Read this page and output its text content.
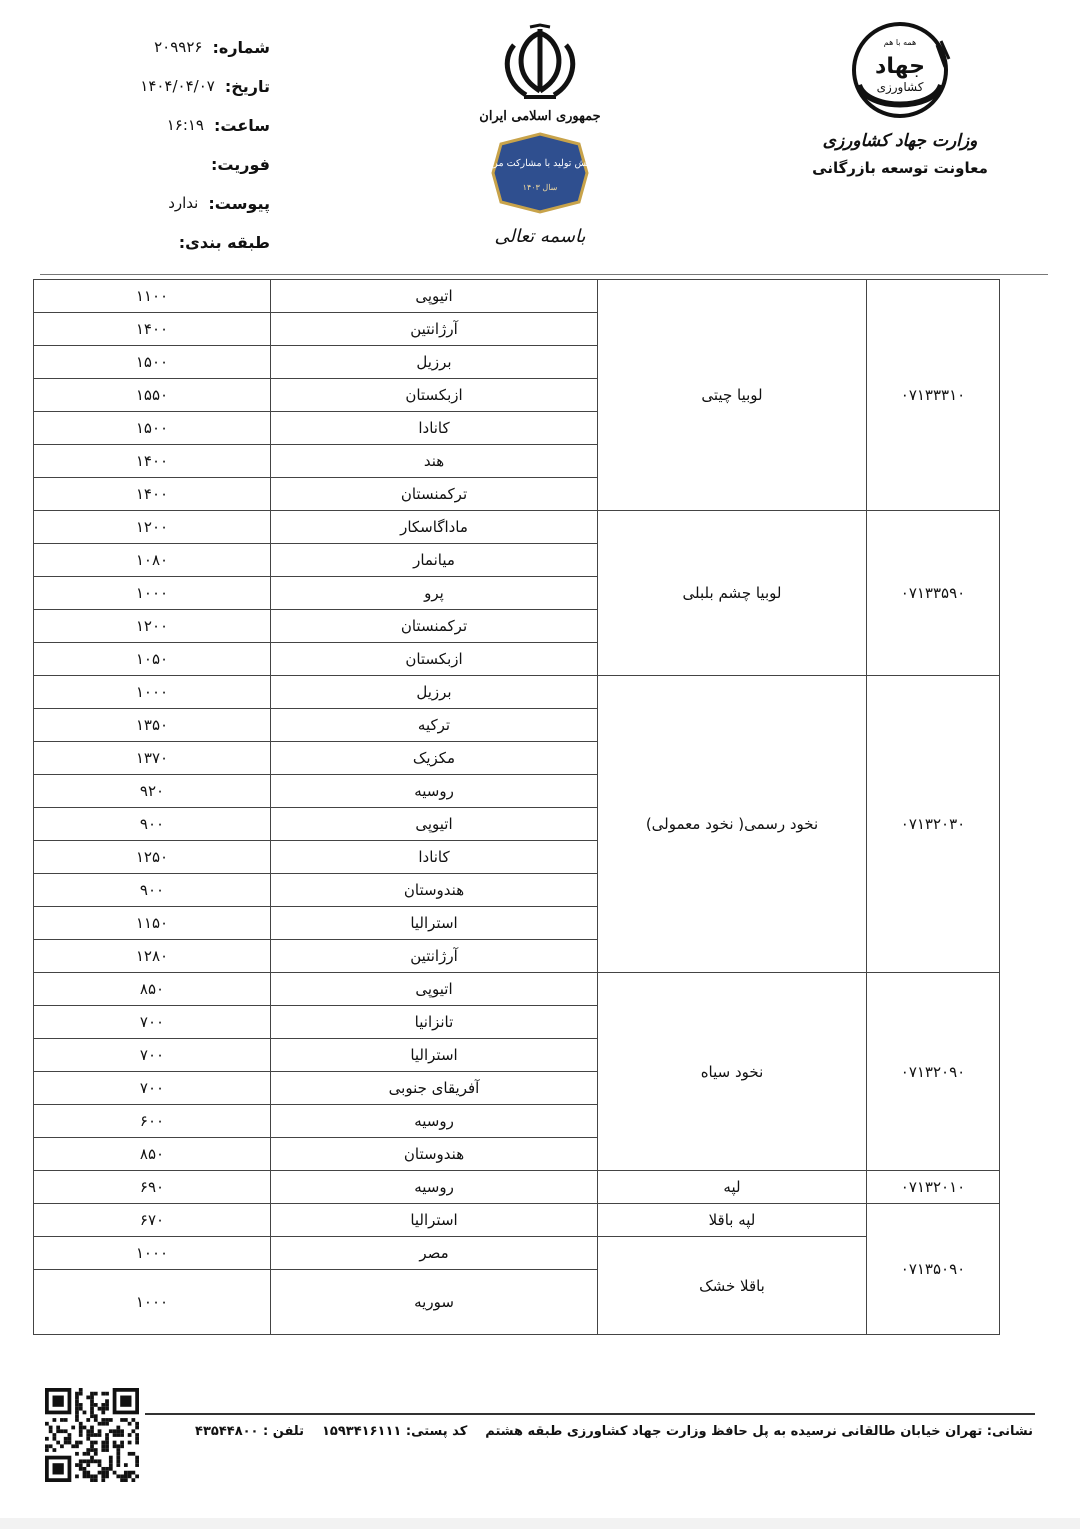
شماره:
۲۰۹۹۲۶
تاریخ:
۱۴۰۴/۰۴/۰۷
ساعت:
۱۶:۱۹
فوریت:
پیوست:
ندارد
طبقه بندی:
جمهوری اسلامی ایران
جهش تولید با مشارکت مردم
سال ۱۴۰۳
باسمه تعالی
همه با هم
جهاد
کشاورزی
وزارت جهاد کشاورزی
معاونت توسعه بازرگانی
۰۷۱۳۳۳۱۰	لوبیا چیتی	اتیوپی	۱۱۰۰
		آرژانتین	۱۴۰۰
		برزیل	۱۵۰۰
		ازبکستان	۱۵۵۰
		کانادا	۱۵۰۰
		هند	۱۴۰۰
		ترکمنستان	۱۴۰۰
۰۷۱۳۳۵۹۰	لوبیا چشم بلبلی	ماداگاسکار	۱۲۰۰
		میانمار	۱۰۸۰
		پرو	۱۰۰۰
		ترکمنستان	۱۲۰۰
		ازبکستان	۱۰۵۰
۰۷۱۳۲۰۳۰	نخود رسمی( نخود معمولی)	برزیل	۱۰۰۰
		ترکیه	۱۳۵۰
		مکزیک	۱۳۷۰
		روسیه	۹۲۰
		اتیوپی	۹۰۰
		کانادا	۱۲۵۰
		هندوستان	۹۰۰
		استرالیا	۱۱۵۰
		آرژانتین	۱۲۸۰
۰۷۱۳۲۰۹۰	نخود سیاه	اتیوپی	۸۵۰
		تانزانیا	۷۰۰
		استرالیا	۷۰۰
		آفریقای جنوبی	۷۰۰
		روسیه	۶۰۰
		هندوستان	۸۵۰
۰۷۱۳۲۰۱۰	لپه	روسیه	۶۹۰
۰۷۱۳۵۰۹۰	لپه باقلا	استرالیا	۶۷۰
	باقلا خشک	مصر	۱۰۰۰
		سوریه	۱۰۰۰
نشانی: تهران خیابان طالقانی نرسیده به پل حافظ وزارت جهاد کشاورزی طبقه هشتم
کد پستی: ۱۵۹۳۴۱۶۱۱۱
تلفن : ۴۳۵۴۴۸۰۰
